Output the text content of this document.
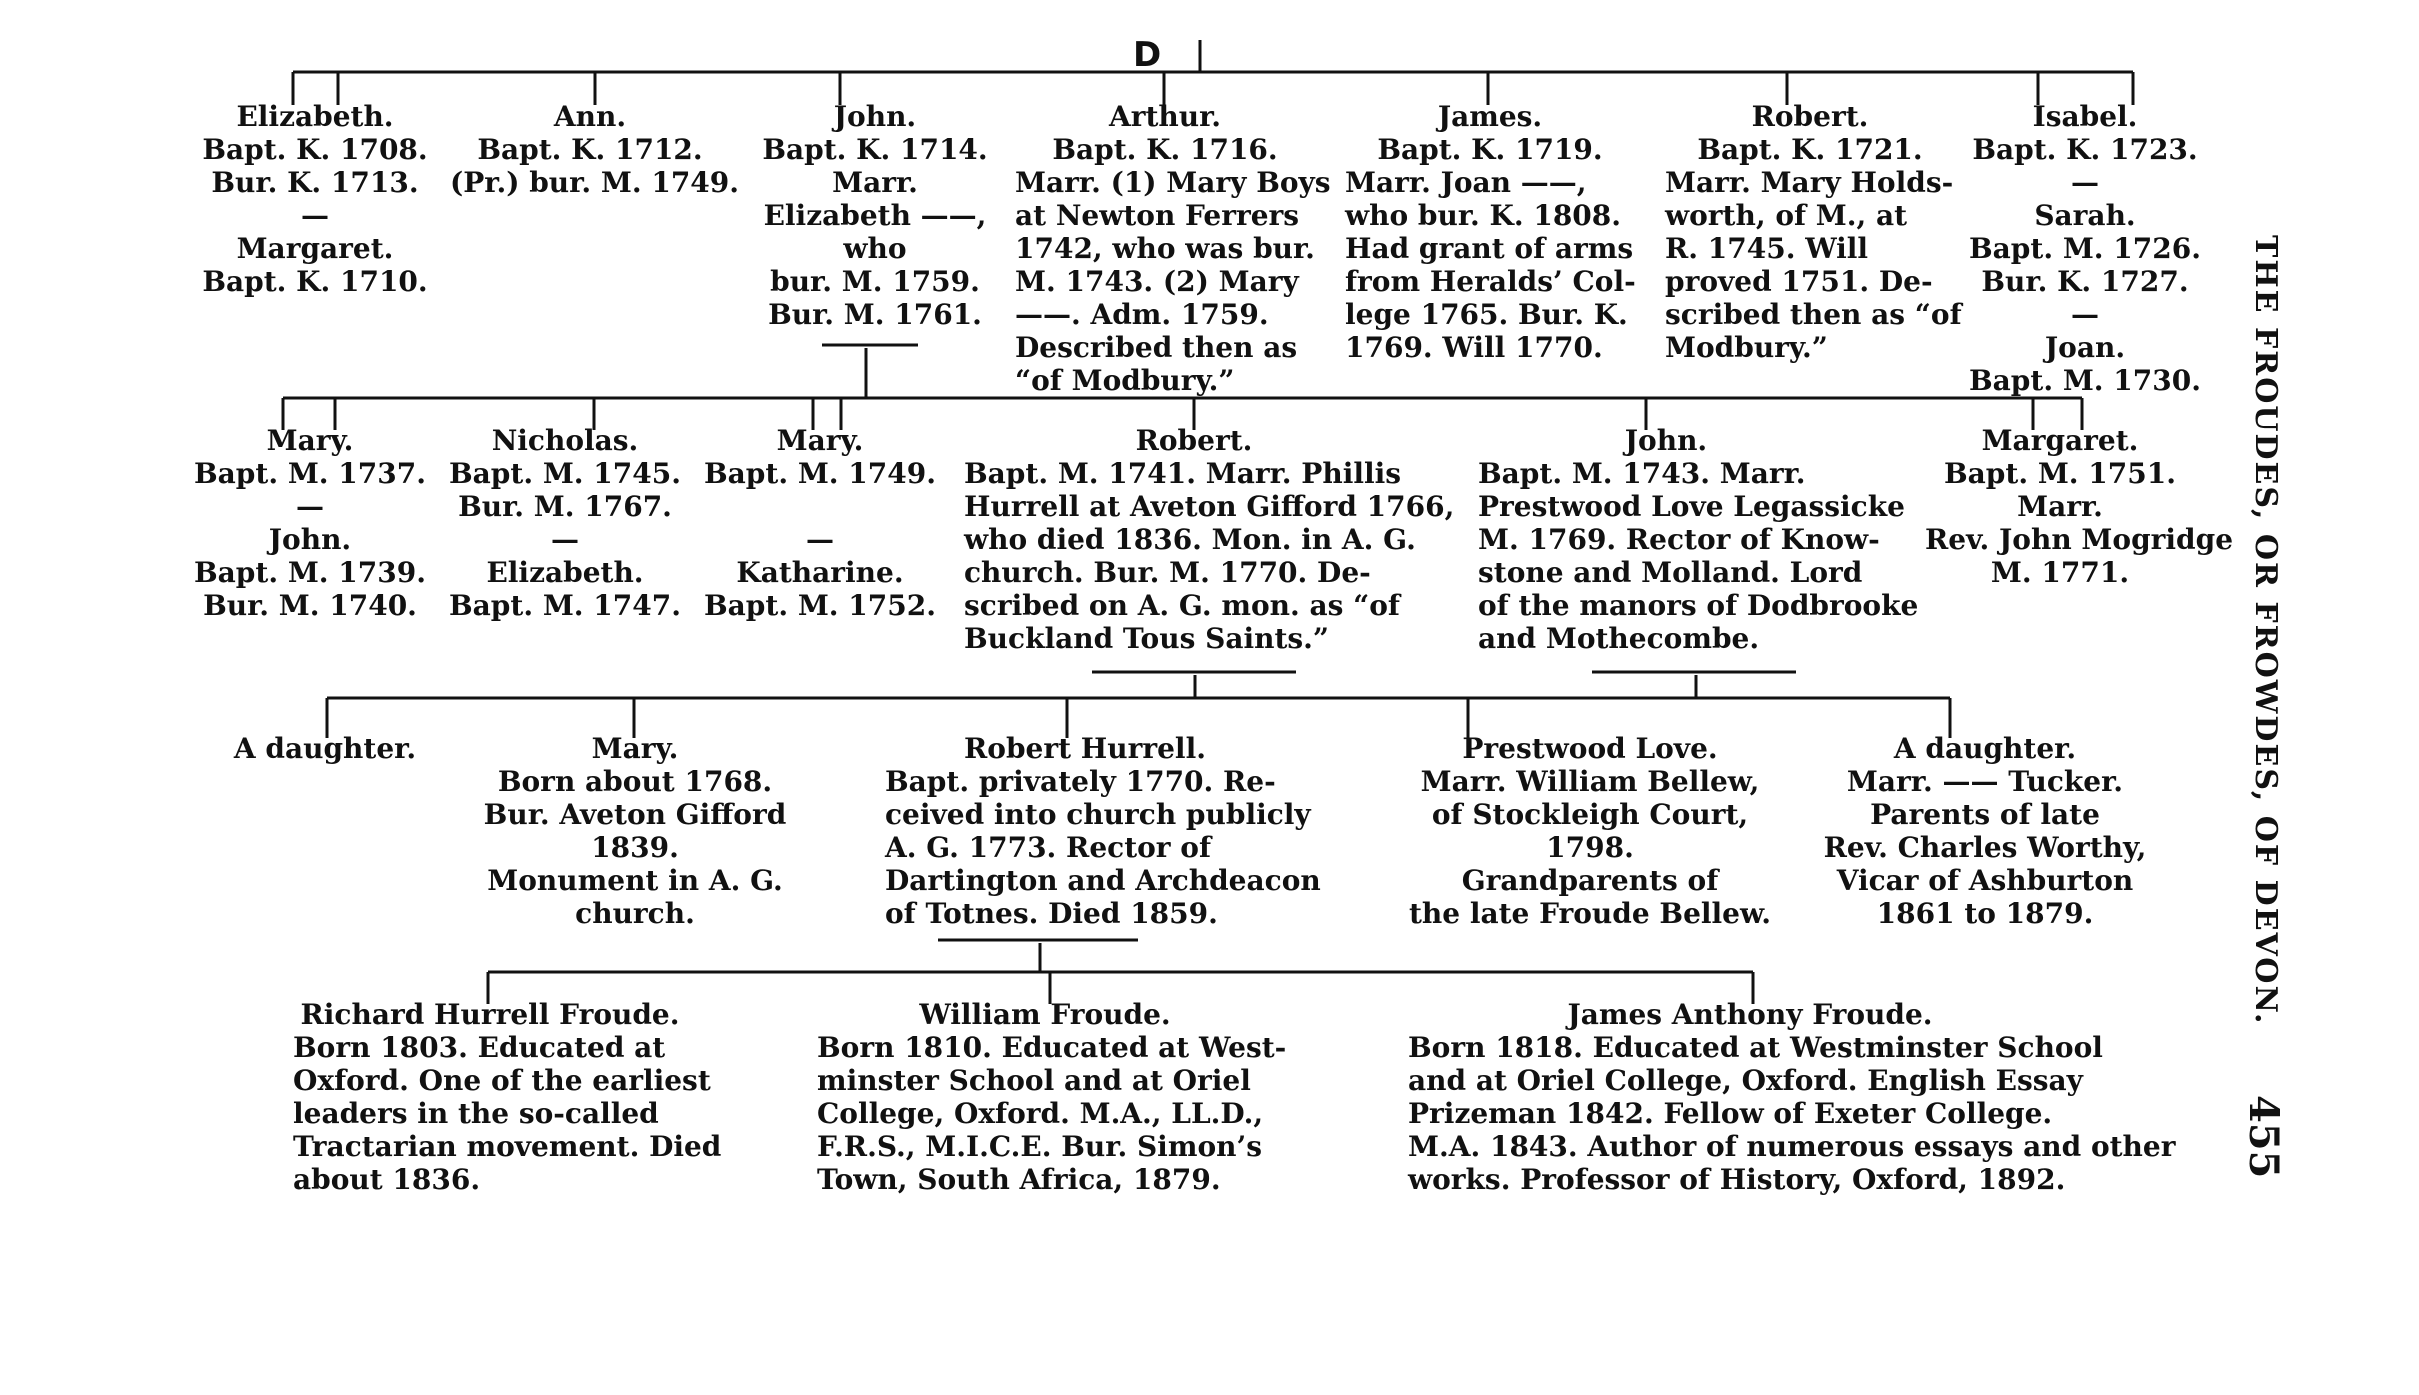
D
THE FROUDES, OR FROWDES, OF DEVON.
455
Elizabeth.
Bapt. K. 1708.
Bur. K. 1713.
—
Margaret.
Bapt. K. 1710.
Ann.
Bapt. K. 1712.
(Pr.) bur. M. 1749.
John.
Bapt. K. 1714.
Marr.
Elizabeth ——,
who
bur. M. 1759.
Bur. M. 1761.
Arthur.
Bapt. K. 1716.
Marr. (1) Mary Boys
at Newton Ferrers
1742, who was bur.
M. 1743. (2) Mary
——. Adm. 1759.
Described then as
“of Modbury.”
James.
Bapt. K. 1719.
Marr. Joan ——,
who bur. K. 1808.
Had grant of arms
from Heralds’ Col-
lege 1765. Bur. K.
1769. Will 1770.
Robert.
Bapt. K. 1721.
Marr. Mary Holds-
worth, of M., at
R. 1745. Will
proved 1751. De-
scribed then as “of
Modbury.”
Isabel.
Bapt. K. 1723.
—
Sarah.
Bapt. M. 1726.
Bur. K. 1727.
—
Joan.
Bapt. M. 1730.
Mary.
Bapt. M. 1737.
—
John.
Bapt. M. 1739.
Bur. M. 1740.
Nicholas.
Bapt. M. 1745.
Bur. M. 1767.
—
Elizabeth.
Bapt. M. 1747.
Mary.
Bapt. M. 1749.
—
Katharine.
Bapt. M. 1752.
Robert.
Bapt. M. 1741. Marr. Phillis
Hurrell at Aveton Gifford 1766,
who died 1836. Mon. in A. G.
church. Bur. M. 1770. De-
scribed on A. G. mon. as “of
Buckland Tous Saints.”
John.
Bapt. M. 1743. Marr.
Prestwood Love Legassicke
M. 1769. Rector of Know-
stone and Molland. Lord
of the manors of Dodbrooke
and Mothecombe.
Margaret.
Bapt. M. 1751.
Marr.
Rev. John Mogridge
M. 1771.
A daughter.	Mary.
Born about 1768.
Bur. Aveton Gifford
1839.
Monument in A. G.
church.
Robert Hurrell.
Bapt. privately 1770. Re-
ceived into church publicly
A. G. 1773. Rector of
Dartington and Archdeacon
of Totnes. Died 1859.
Prestwood Love.
Marr. William Bellew,
of Stockleigh Court,
1798.
Grandparents of
the late Froude Bellew.
A daughter.
Marr. —— Tucker.
Parents of late
Rev. Charles Worthy,
Vicar of Ashburton
1861 to 1879.
Richard Hurrell Froude.
Born 1803. Educated at
Oxford. One of the earliest
leaders in the so-called
Tractarian movement. Died
about 1836.
William Froude.
Born 1810. Educated at West-
minster School and at Oriel
College, Oxford. M.A., LL.D.,
F.R.S., M.I.C.E. Bur. Simon’s
Town, South Africa, 1879.
James Anthony Froude.
Born 1818. Educated at Westminster School
and at Oriel College, Oxford. English Essay
Prizeman 1842. Fellow of Exeter College.
M.A. 1843. Author of numerous essays and other
works. Professor of History, Oxford, 1892.
